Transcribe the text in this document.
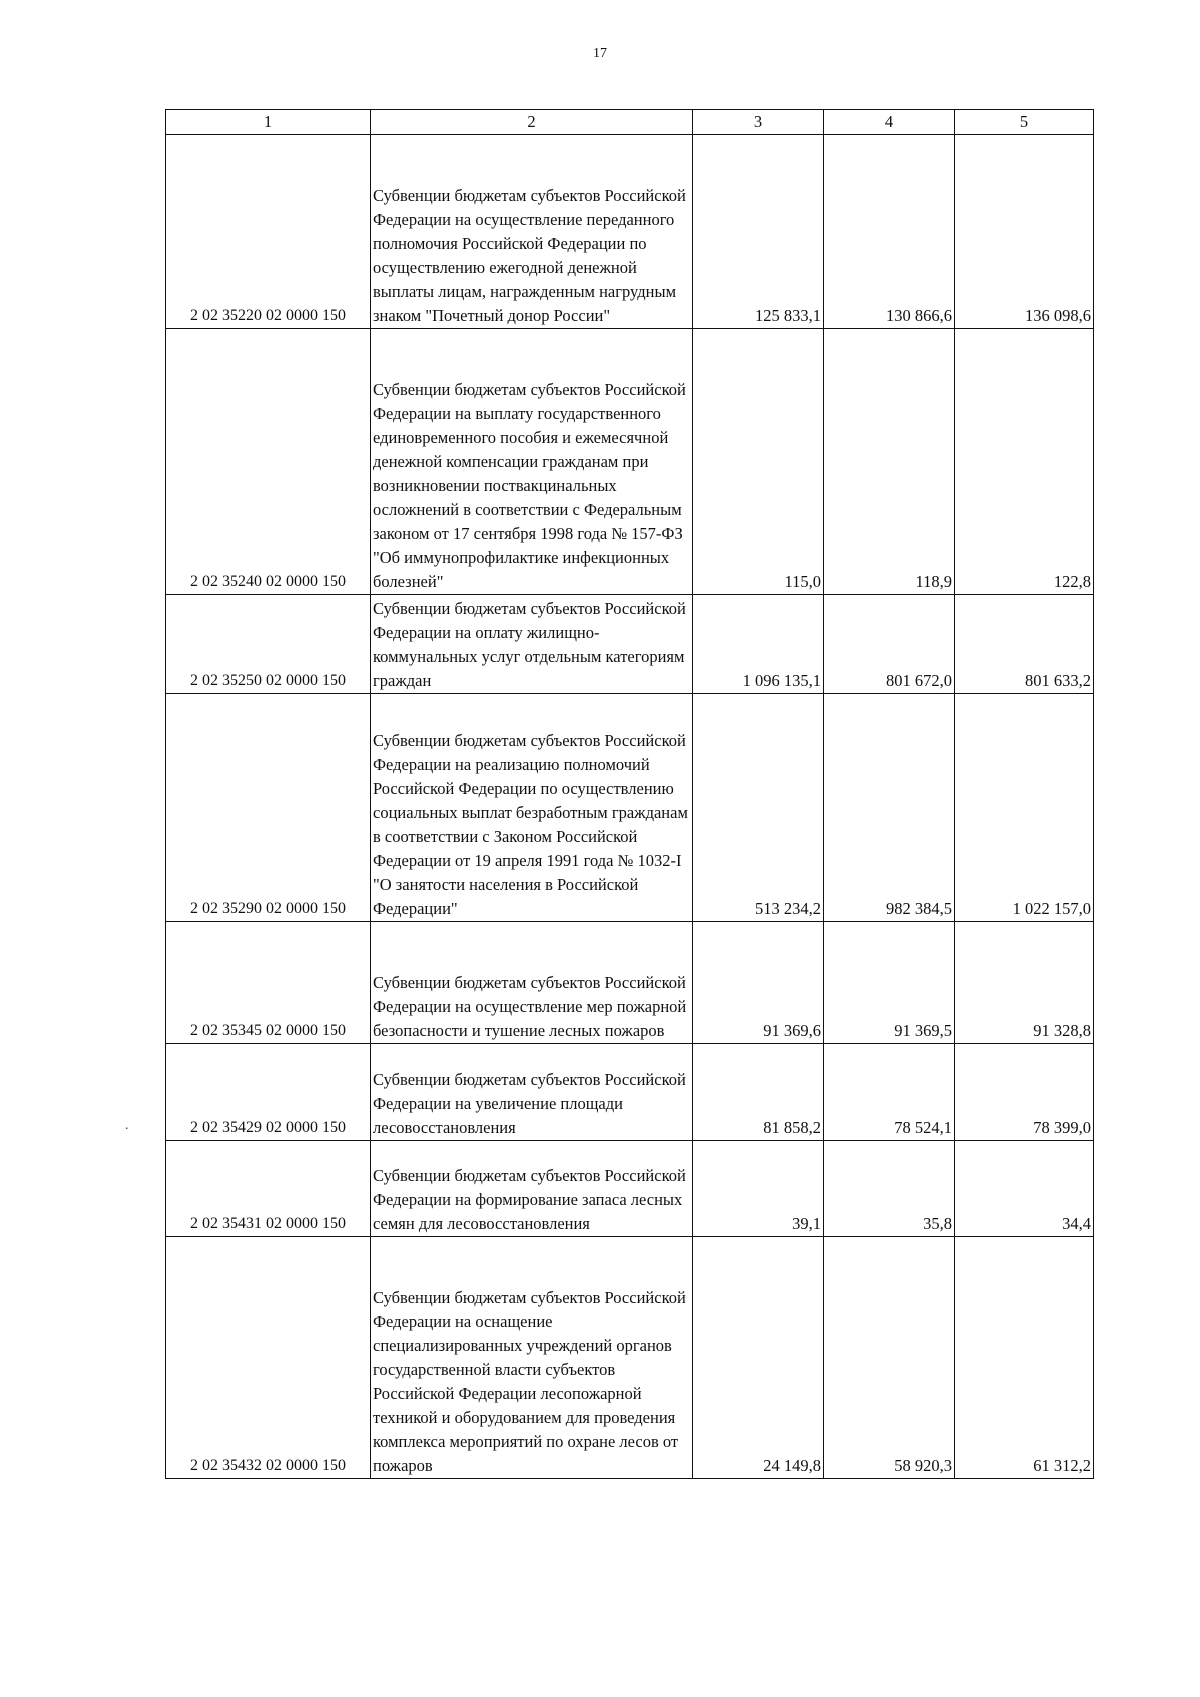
17
1	2	3	4	5
2 02 35220 02 0000 150	Субвенции бюджетам субъектов Российской Федерации на осуществление переданного полномочия Российской Федерации по осуществлению ежегодной денежной выплаты лицам, награжденным нагрудным знаком "Почетный донор России"	125 833,1	130 866,6	136 098,6
2 02 35240 02 0000 150	Субвенции бюджетам субъектов Российской Федерации на выплату государственного единовременного пособия и ежемесячной денежной компенсации гражданам при возникновении поствакцинальных осложнений в соответствии с Федеральным законом от 17 сентября 1998 года № 157-ФЗ "Об иммунопрофилактике инфекционных болезней"	115,0	118,9	122,8
2 02 35250 02 0000 150	Субвенции бюджетам субъектов Российской Федерации на оплату жилищно-коммунальных услуг отдельным категориям граждан	1 096 135,1	801 672,0	801 633,2
2 02 35290 02 0000 150	Субвенции бюджетам субъектов Российской Федерации на реализацию полномочий Российской Федерации по осуществлению социальных выплат безработным гражданам в соответствии с Законом Российской Федерации от 19 апреля 1991 года № 1032-I "О занятости населения в Российской Федерации"	513 234,2	982 384,5	1 022 157,0
2 02 35345 02 0000 150	Субвенции бюджетам субъектов Российской Федерации на осуществление мер пожарной безопасности и тушение лесных пожаров	91 369,6	91 369,5	91 328,8
2 02 35429 02 0000 150	Субвенции бюджетам субъектов Российской Федерации на увеличение площади лесовосстановления	81 858,2	78 524,1	78 399,0
2 02 35431 02 0000 150	Субвенции бюджетам субъектов Российской Федерации на формирование запаса лесных семян для лесовосстановления	39,1	35,8	34,4
2 02 35432 02 0000 150	Субвенции бюджетам субъектов Российской Федерации на оснащение специализированных учреждений органов государственной власти субъектов Российской Федерации лесопожарной техникой и оборудованием для проведения комплекса мероприятий по охране лесов от пожаров	24 149,8	58 920,3	61 312,2
.
